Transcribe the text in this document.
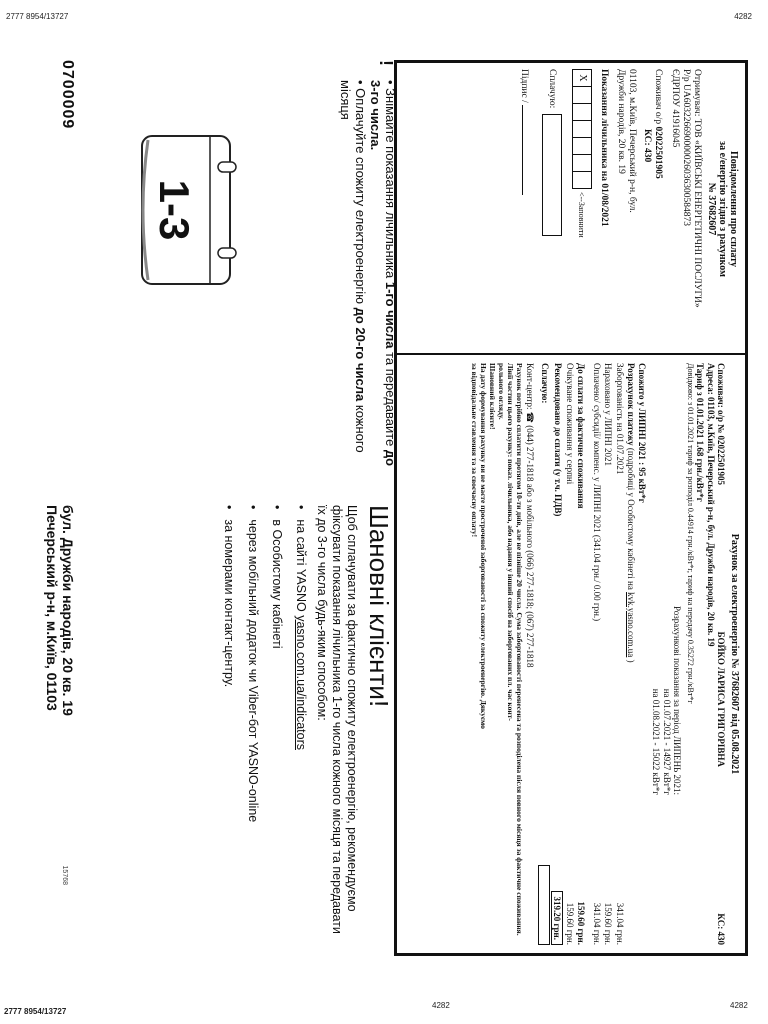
2777 8954/13727	4282
2777 8954/13727
4282	4282
Повідомлення про сплату
за е/енергію згідно з рахунком
№ 37682607
Отримувач: ТОВ «КИЇВСЬКІ ЕНЕРГЕТИЧНІ ПОСЛУГИ»
Р/р UA603226690000026036300584873
ЄДРПОУ 41916045
Споживач о/р 02022501905
КС: 430
01103, м.Київ, Печерський р-н, бул.
Дружби народів, 20 кв. 19
Показання лічильника на 01/08/2021
X
<--Заповнити
Сплачую:
Підпис /
Рахунок за електроенергію № 37682607 від 05.08.2021
Споживач: о/р № 02022501905
БОЙКО ЛАРИСА ГРИГОРІВНА
КС: 430
Адреса: 01103, м.Київ, Печерський р-н, бул. Дружби народів, 20 кв. 19
Тариф з 01.01.2021 1.68 грн./кВт*г
Довідково: з 01.01.2021 тариф за розподіл 0.44914 грн./кВт*г, тариф на передачу 0.35272 грн./кВт*г
Розрахункові показання за період ЛИПЕНЬ 2021:
на 01.07.2021 - 14927 кВт*г
на 01.08.2021 - 15022 кВт*г
Спожито у ЛИПНІ 2021 : 95 кВт*г
Розрахунок платежу (подробиці у Особистому кабінеті на kvk.yasno.com.ua )
Заборгованість на 01.07.2021
341.04 грн.
Нараховано у ЛИПНІ 2021
159.60 грн.
Оплачено/ субсидії/ компенс. у ЛИПНІ 2021 (341.04 грн./ 0.00 грн.)
341.04 грн.
До сплати за фактичне споживання
159.60 грн.
Очікуване споживання у серпні
159.60 грн.
Рекомендовано до сплати (у т.ч. ПДВ)
319.20 грн.
Сплачую:
Конт-центр: ☎ (044) 277-1818 або з мобільного (066) 277-1818; (067) 277-1818
Рахунок потрібно сплатити протягом 10-ти днів, але не пізніше 20 числа. Сума заборгованості перенесена та розподілена після повного місяця за фактичне споживання.
Лінії частин цього рахунку: показ. лічильника, або надання у інший спосіб на заборгованих пл. час конт-
рольного огляду.
Шановний клієнте!
На дату формування рахунку ви не маєте простроченої заборгованості за спожиту електроенергію. Дякуємо
за відповідальне ставлення та за своєчасну оплату!
!
• Знімайте показання лічильника 1-го числа та передавайте до 3-го числа.
• Оплачуйте спожиту електроенергію до 20-го числа кожного місяця
1-3
0700009
Шановні клієнти!
Щоб сплачувати за фактично спожиту електроенергію, рекомендуємо фіксувати показання лічильника 1-го числа кожного місяця та передавати їх до 3-го числа будь-яким способом:
•
на сайті YASNO yasno.com.ua/indicators
•
в Особистому кабінеті
•
через мобільний додаток чи Viber-бот YASNO-online
•
за номерами контакт-центру.
бул. Дружби народів, 20 кв. 19
Печерський р-н, м.Київ, 01103
15768
